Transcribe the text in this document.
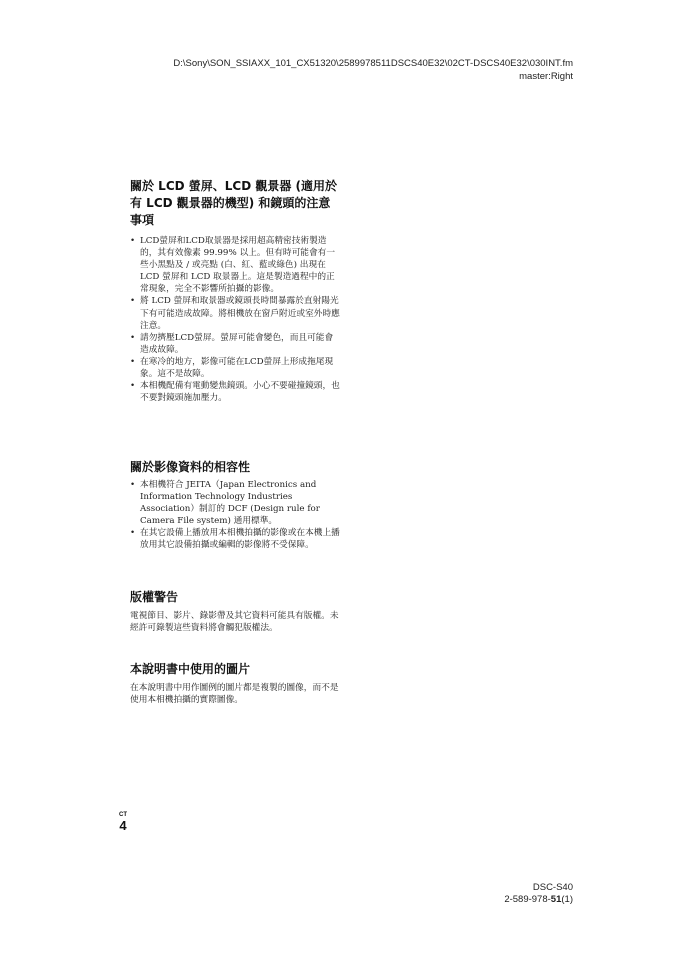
D:\Sony\SON_SSIAXX_101_CX51320\2589978511DSCS40E32\02CT-DSCS40E32\030INT.fm
master:Right
關於 LCD 螢屏、LCD 觀景器 (適用於有 LCD 觀景器的機型) 和鏡頭的注意事項
• LCD螢屏和LCD取景器是採用超高精密技術製造的，其有效像素 99.99% 以上。但有時可能會有一些小黑點及 / 或亮點 (白、紅、藍或綠色) 出現在 LCD 螢屏和 LCD 取景器上。這是製造過程中的正常現象，完全不影響所拍攝的影像。
• 將 LCD 螢屏和取景器或鏡頭長時間暴露於直射陽光下有可能造成故障。將相機放在窗戶附近或室外時應注意。
• 請勿擠壓LCD螢屏。螢屏可能會變色，而且可能會造成故障。
• 在寒冷的地方，影像可能在LCD螢屏上形成拖尾現象。這不是故障。
• 本相機配備有電動變焦鏡頭。小心不要碰撞鏡頭，也不要對鏡頭施加壓力。
關於影像資料的相容性
• 本相機符合 JEITA（Japan Electronics and Information Technology Industries Association）制訂的 DCF (Design rule for Camera File system) 通用標準。
• 在其它設備上播放用本相機拍攝的影像或在本機上播放用其它設備拍攝或編輯的影像將不受保障。
版權警告

電視節目、影片、錄影帶及其它資料可能具有版權。未經許可錄製這些資料將會觸犯版權法。

本說明書中使用的圖片

在本說明書中用作圖例的圖片都是複製的圖像，而不是使用本相機拍攝的實際圖像。

CT
4
DSC-S40
2-589-978-51(1)
